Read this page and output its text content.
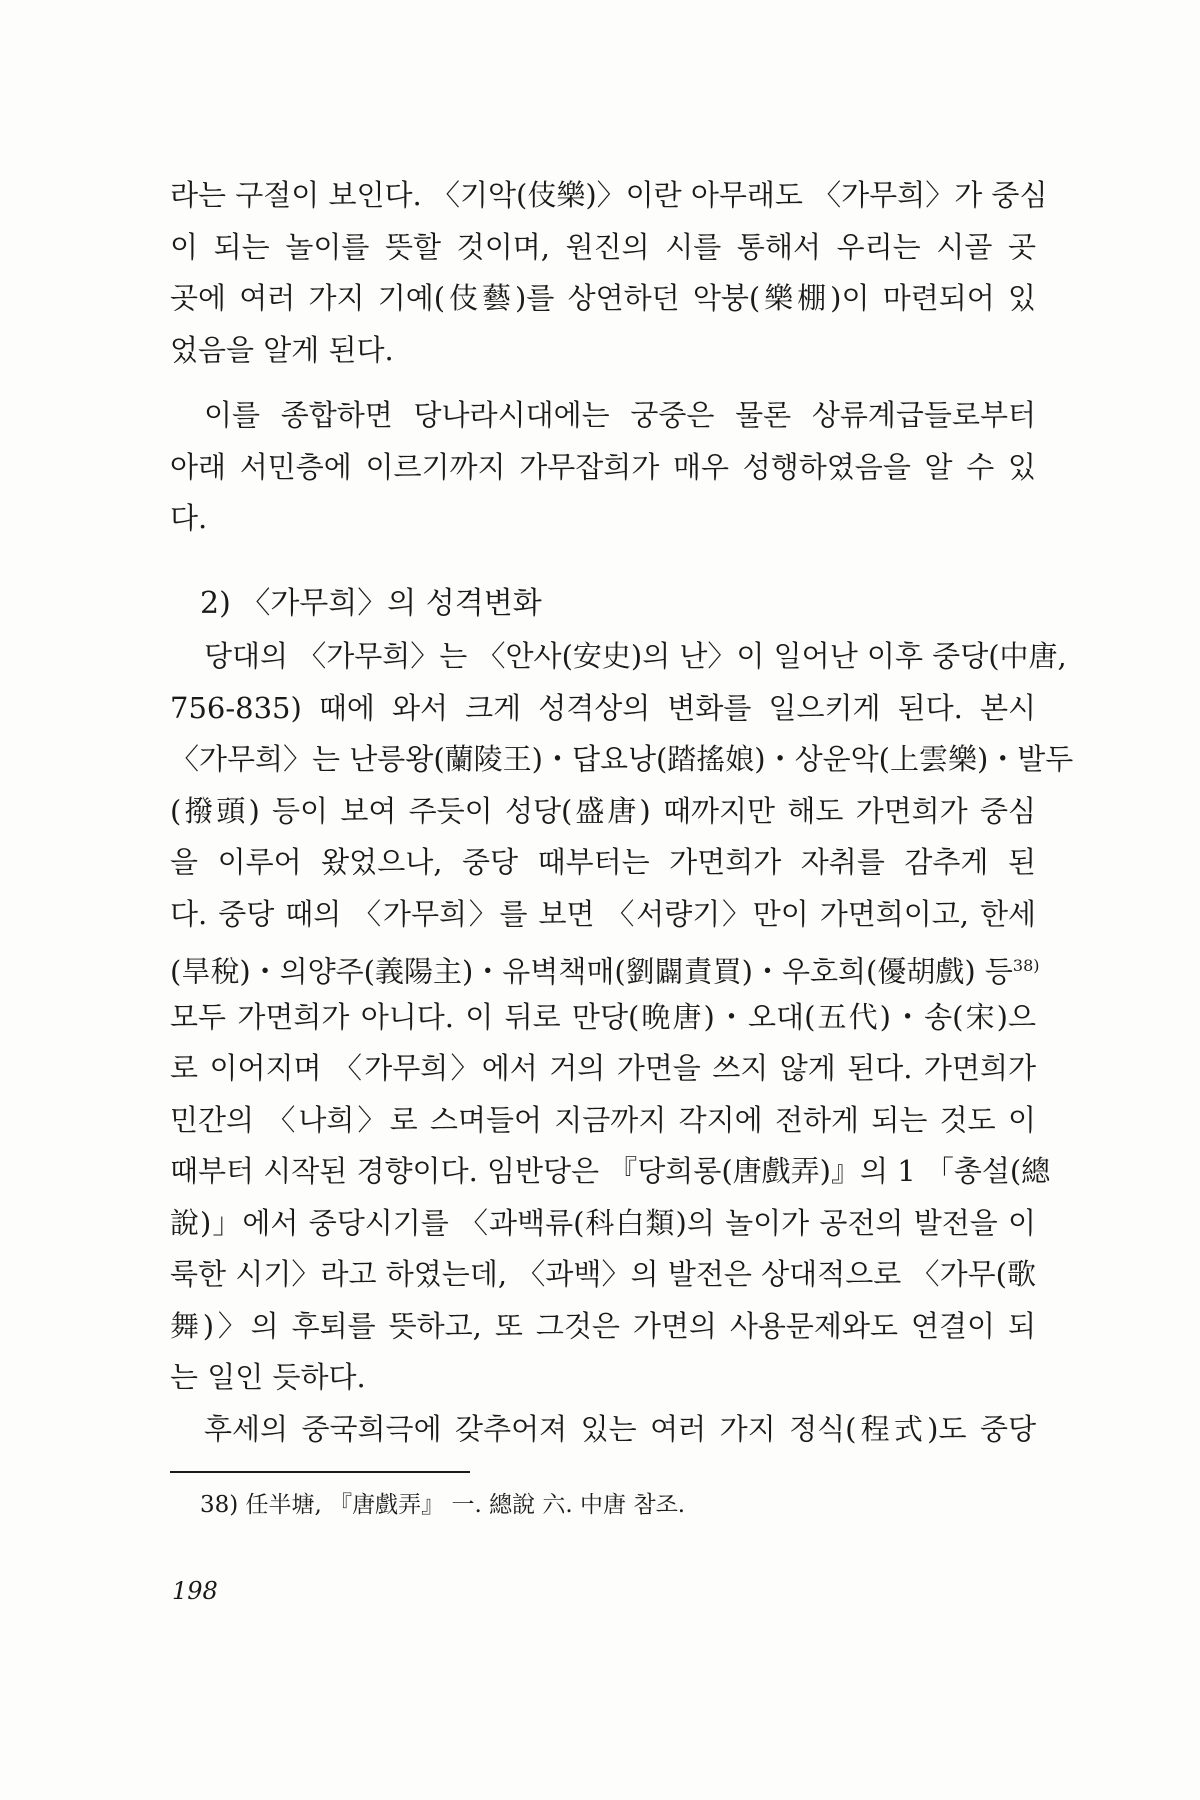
라는 구절이 보인다. 〈기악(伎樂)〉이란 아무래도 〈가무희〉가 중심
이 되는 놀이를 뜻할 것이며, 원진의 시를 통해서 우리는 시골 곳
곳에 여러 가지 기예(伎藝)를 상연하던 악붕(樂棚)이 마련되어 있
었음을 알게 된다.
이를 종합하면 당나라시대에는 궁중은 물론 상류계급들로부터
아래 서민층에 이르기까지 가무잡희가 매우 성행하였음을 알 수 있
다.
2) 〈가무희〉의 성격변화
당대의 〈가무희〉는 〈안사(安史)의 난〉이 일어난 이후 중당(中唐,
756-835) 때에 와서 크게 성격상의 변화를 일으키게 된다. 본시
〈가무희〉는 난릉왕(蘭陵王)・답요낭(踏搖娘)・상운악(上雲樂)・발두
(撥頭) 등이 보여 주듯이 성당(盛唐) 때까지만 해도 가면희가 중심
을 이루어 왔었으나, 중당 때부터는 가면희가 자취를 감추게 된
다. 중당 때의 〈가무희〉를 보면 〈서량기〉만이 가면희이고, 한세
(旱稅)・의양주(義陽主)・유벽책매(劉闢責買)・우호희(優胡戲) 등$^{38)}$
모두 가면희가 아니다. 이 뒤로 만당(晩唐)・오대(五代)・송(宋)으
로 이어지며 〈가무희〉에서 거의 가면을 쓰지 않게 된다. 가면희가
민간의 〈나희〉로 스며들어 지금까지 각지에 전하게 되는 것도 이
때부터 시작된 경향이다. 임반당은 『당희롱(唐戲弄)』의 1 「총설(總
說)」에서 중당시기를 〈과백류(科白類)의 놀이가 공전의 발전을 이
룩한 시기〉라고 하였는데, 〈과백〉의 발전은 상대적으로 〈가무(歌
舞)〉의 후퇴를 뜻하고, 또 그것은 가면의 사용문제와도 연결이 되
는 일인 듯하다.
후세의 중국희극에 갖추어져 있는 여러 가지 정식(程式)도 중당
38) 任半塘, 『唐戲弄』 一. 總說 六. 中唐 참조.
198
